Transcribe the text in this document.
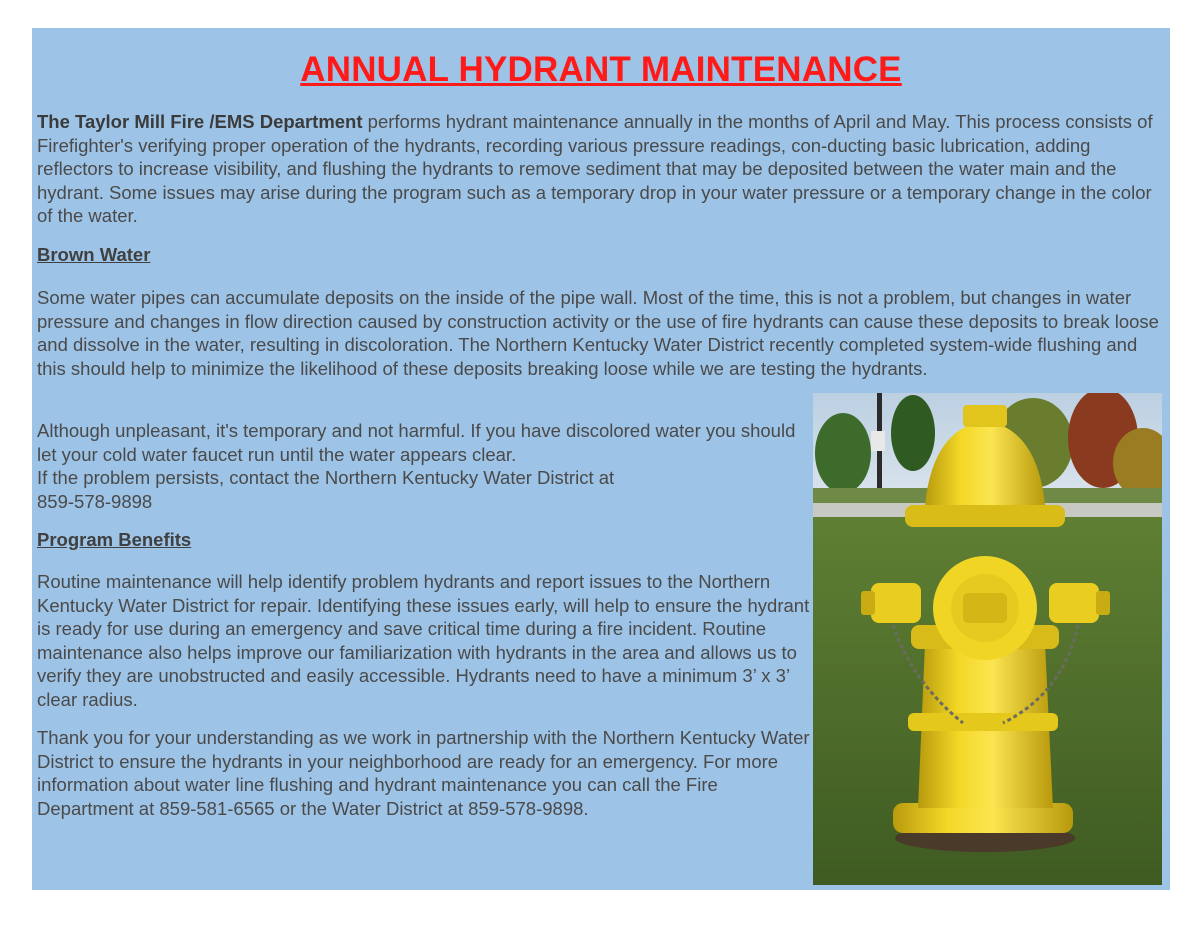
ANNUAL HYDRANT MAINTENANCE

The Taylor Mill Fire /EMS Department performs hydrant maintenance annually in the months of April and May. This process consists of Firefighter's verifying proper operation of the hydrants, recording various pressure readings, con-ducting basic lubrication, adding reflectors to increase visibility, and flushing the hydrants to remove sediment that may be deposited between the water main and the hydrant. Some issues may arise during the program such as a temporary drop in your water pressure or a temporary change in the color of the water.

Brown Water

Some water pipes can accumulate deposits on the inside of the pipe wall. Most of the time, this is not a problem, but changes in water pressure and changes in flow direction caused by construction activity or the use of fire hydrants can cause these deposits to break loose and dissolve in the water, resulting in discoloration. The Northern Kentucky Water District recently completed system-wide flushing and this should help to minimize the likelihood of these deposits breaking loose while we are testing the hydrants.

Although unpleasant, it's temporary and not harmful. If you have discolored water you should let your cold water faucet run until the water appears clear.
If the problem persists, contact the Northern Kentucky Water District at
859-578-9898

Program Benefits

Routine maintenance will help identify problem hydrants and report issues to the Northern Kentucky Water District for repair. Identifying these issues early, will help to ensure the hydrant is ready for use during an emergency and save critical time during a fire incident. Routine maintenance also helps improve our familiarization with hydrants in the area and allows us to verify they are unobstructed and easily accessible. Hydrants need to have a minimum 3’ x 3’ clear radius.

Thank you for your understanding as we work in partnership with the Northern Kentucky Water District to ensure the hydrants in your neighborhood are ready for an emergency. For more information about water line flushing and hydrant maintenance you can call the Fire Department at 859-581-6565 or the Water District at 859-578-9898.
